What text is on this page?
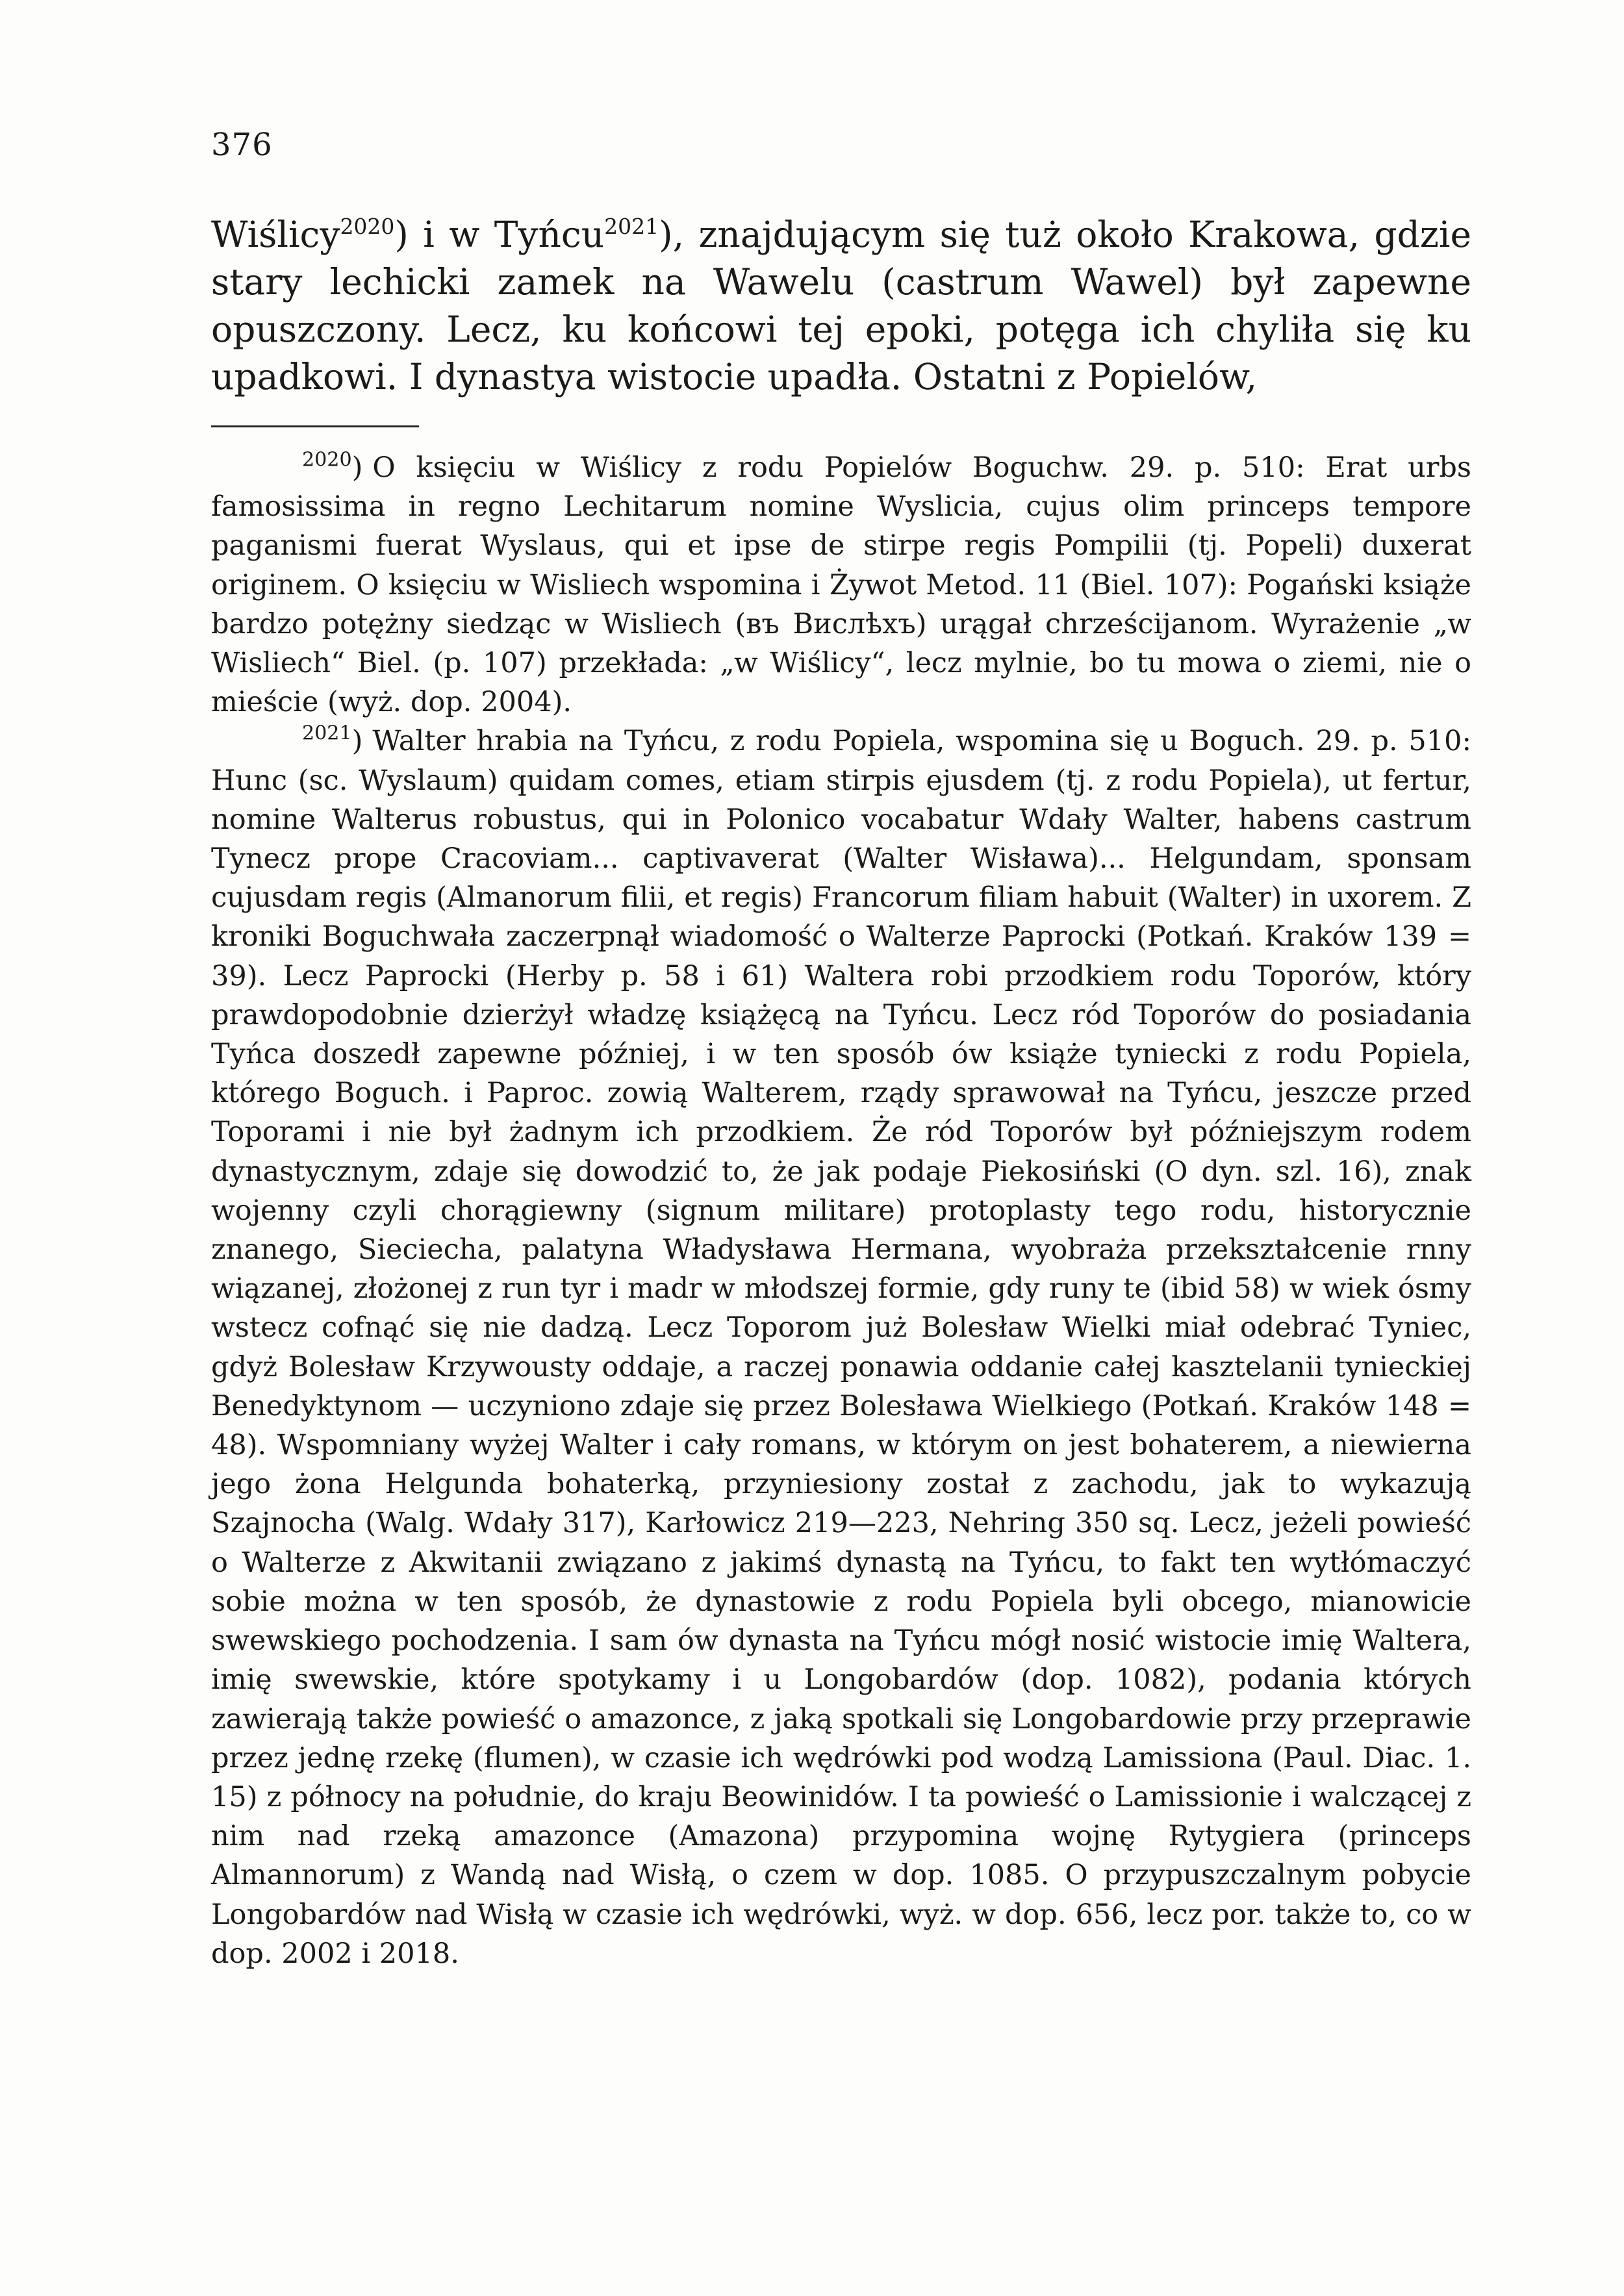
376

Wiślicy$^{2020}$) i w Tyńcu$^{2021}$), znajdującym się tuż około Krakowa, gdzie stary lechicki zamek na Wawelu (castrum Wawel) był zapewne opuszczony. Lecz, ku końcowi tej epoki, potęga ich chyliła się ku upadkowi. I dynastya wistocie upadła. Ostatni z Popielów,

$^{2020}$) O księciu w Wiślicy z rodu Popielów Boguchw. 29. p. 510: Erat urbs famosissima in regno Lechitarum nomine Wyslicia, cujus olim princeps tempore paganismi fuerat Wyslaus, qui et ipse de stirpe regis Pompilii (tj. Popeli) duxerat originem. O księciu w Wisliech wspomina i Żywot Metod. 11 (Biel. 107): Pogański książe bardzo potężny siedząc w Wisliech (въ Вислѣхъ) urągał chrześcijanom. Wyrażenie „w Wisliech“ Biel. (p. 107) przekłada: „w Wiślicy“, lecz mylnie, bo tu mowa o ziemi, nie o mieście (wyż. dop. 2004).

$^{2021}$) Walter hrabia na Tyńcu, z rodu Popiela, wspomina się u Boguch. 29. p. 510: Hunc (sc. Wyslaum) quidam comes, etiam stirpis ejusdem (tj. z rodu Popiela), ut fertur, nomine Walterus robustus, qui in Polonico vocabatur Wdały Walter, habens castrum Tynecz prope Cracoviam... captivaverat (Walter Wisława)... Helgundam, sponsam cujusdam regis (Almanorum filii, et regis) Francorum filiam habuit (Walter) in uxorem. Z kroniki Boguchwała zaczerpnął wiadomość o Walterze Paprocki (Potkań. Kraków 139 = 39). Lecz Paprocki (Herby p. 58 i 61) Waltera robi przodkiem rodu Toporów, który prawdopodobnie dzierżył władzę książęcą na Tyńcu. Lecz ród Toporów do posiadania Tyńca doszedł zapewne później, i w ten sposób ów książe tyniecki z rodu Popiela, którego Boguch. i Paproc. zowią Walterem, rządy sprawował na Tyńcu, jeszcze przed Toporami i nie był żadnym ich przodkiem. Że ród Toporów był późniejszym rodem dynastycznym, zdaje się dowodzić to, że jak podaje Piekosiński (O dyn. szl. 16), znak wojenny czyli chorągiewny (signum militare) protoplasty tego rodu, historycznie znanego, Sieciecha, palatyna Władysława Hermana, wyobraża przekształcenie rnny wiązanej, złożonej z run tyr i madr w młodszej formie, gdy runy te (ibid 58) w wiek ósmy wstecz cofnąć się nie dadzą. Lecz Toporom już Bolesław Wielki miał odebrać Tyniec, gdyż Bolesław Krzywousty oddaje, a raczej ponawia oddanie całej kasztelanii tynieckiej Benedyktynom — uczyniono zdaje się przez Bolesława Wielkiego (Potkań. Kraków 148 = 48). Wspomniany wyżej Walter i cały romans, w którym on jest bohaterem, a niewierna jego żona Helgunda bohaterką, przyniesiony został z zachodu, jak to wykazują Szajnocha (Walg. Wdały 317), Karłowicz 219—223, Nehring 350 sq. Lecz, jeżeli powieść o Walterze z Akwitanii związano z jakimś dynastą na Tyńcu, to fakt ten wytłómaczyć sobie można w ten sposób, że dynastowie z rodu Popiela byli obcego, mianowicie swewskiego pochodzenia. I sam ów dynasta na Tyńcu mógł nosić wistocie imię Waltera, imię swewskie, które spotykamy i u Longobardów (dop. 1082), podania których zawierają także powieść o amazonce, z jaką spotkali się Longobardowie przy przeprawie przez jednę rzekę (flumen), w czasie ich wędrówki pod wodzą Lamissiona (Paul. Diac. 1. 15) z północy na południe, do kraju Beowinidów. I ta powieść o Lamissionie i walczącej z nim nad rzeką amazonce (Amazona) przypomina wojnę Rytygiera (princeps Almannorum) z Wandą nad Wisłą, o czem w dop. 1085. O przypuszczalnym pobycie Longobardów nad Wisłą w czasie ich wędrówki, wyż. w dop. 656, lecz por. także to, co w dop. 2002 i 2018.
